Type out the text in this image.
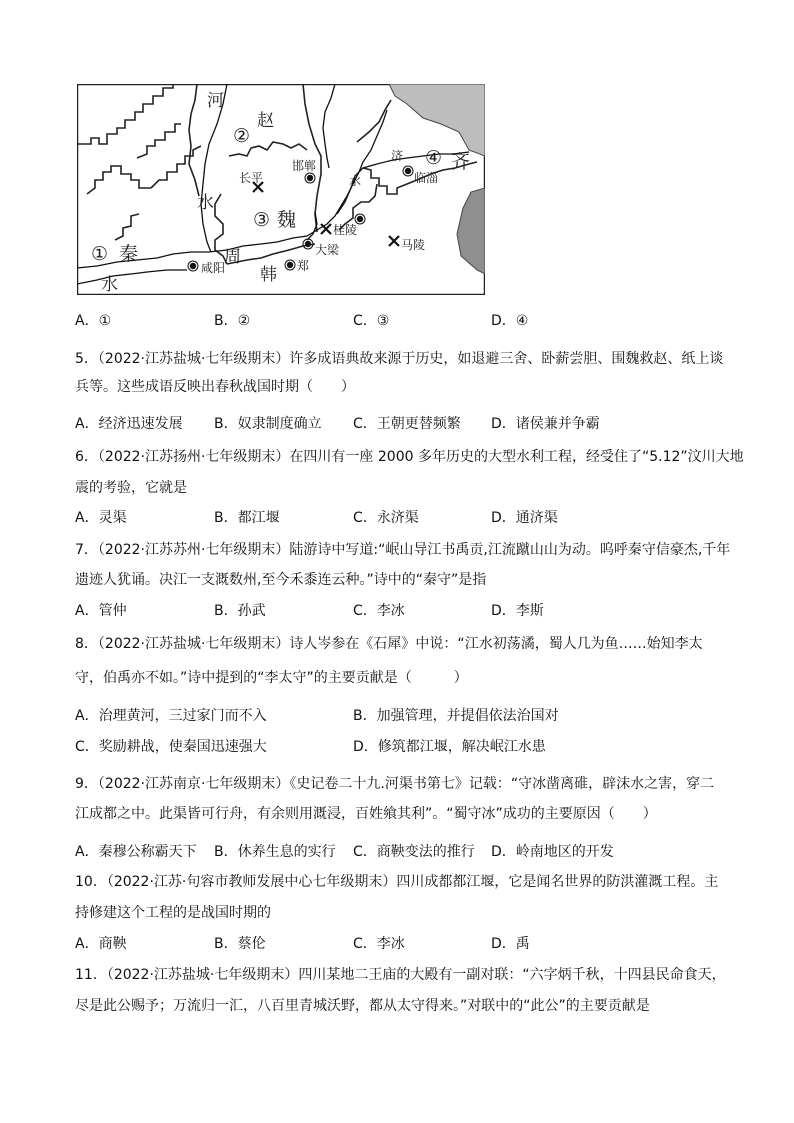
河
赵
②
长平
邯郸
水
③ 魏
① 秦
咸阳
水
周
韩 郑
大梁
桂陵
马陵
济
水
④ 齐
临淄
A．①	B．②	C．③	D．④
5．（2022·江苏盐城·七年级期末）许多成语典故来源于历史，如退避三舍、卧薪尝胆、围魏救赵、纸上谈
兵等。这些成语反映出春秋战国时期（　　）
A．经济迅速发展 B．奴隶制度确立 C．王朝更替频繁 D．诸侯兼并争霸
6．（2022·江苏扬州·七年级期末）在四川有一座 2000 多年历史的大型水利工程，经受住了“5.12”汶川大地
震的考验，它就是
A．灵渠	B．都江堰	C．永济渠	D．通济渠
7．（2022·江苏苏州·七年级期末）陆游诗中写道:“岷山导江书禹贡,江流蹴山山为动。呜呼秦守信豪杰,千年
遗迹人犹诵。决江一支溉数州,至今禾黍连云种。”诗中的“秦守”是指
A．管仲	B．孙武	C．李冰	D．李斯
8．（2022·江苏盐城·七年级期末）诗人岑参在《石犀》中说：“江水初荡潏，蜀人几为鱼……始知李太
守，伯禹亦不如。”诗中提到的“李太守”的主要贡献是（　　　）
A．治理黄河，三过家门而不入	B．加强管理，并提倡依法治国对
C．奖励耕战，使秦国迅速强大	D．修筑都江堰，解决岷江水患
9．（2022·江苏南京·七年级期末）《史记卷二十九.河渠书第七》记载：“守冰凿离碓，辟沫水之害，穿二
江成都之中。此渠皆可行舟，有余则用溉浸，百姓飨其利”。“蜀守冰”成功的主要原因（　　）
10．（2022·江苏·句容市教师发展中心七年级期末）四川成都都江堰，它是闻名世界的防洪灌溉工程。主
持修建这个工程的是战国时期的
11．（2022·江苏盐城·七年级期末）四川某地二王庙的大殿有一副对联：“六字炳千秋，十四县民命食天，
尽是此公赐予；万流归一汇，八百里青城沃野，都从太守得来。”对联中的“此公”的主要贡献是
A．秦穆公称霸天下 B．休养生息的实行 C．商鞅变法的推行 D．岭南地区的开发
A．商鞅	B．蔡伦	C．李冰	D．禹
